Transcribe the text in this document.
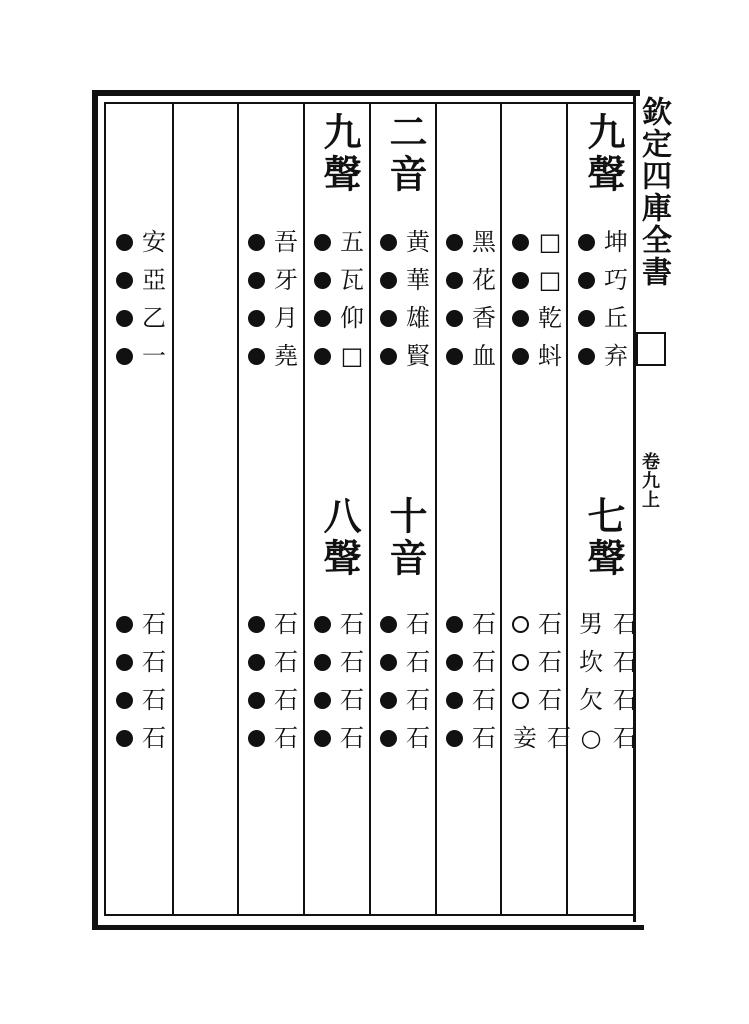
欽定四庫全書
卷九上
九聲
七聲
坤
巧
丘
弃
男 石
坎 石
欠 石
○ 石
□
□
乾
蚪
石
石
石
妾 石
黑
花
香
血
石
石
石
石
二音
十音
黄
華
雄
賢
石
石
石
石
九聲
八聲
五
瓦
仰
□
石
石
石
石
吾
牙
月
堯
石
石
石
石
安
亞
乙
一
石
石
石
石
